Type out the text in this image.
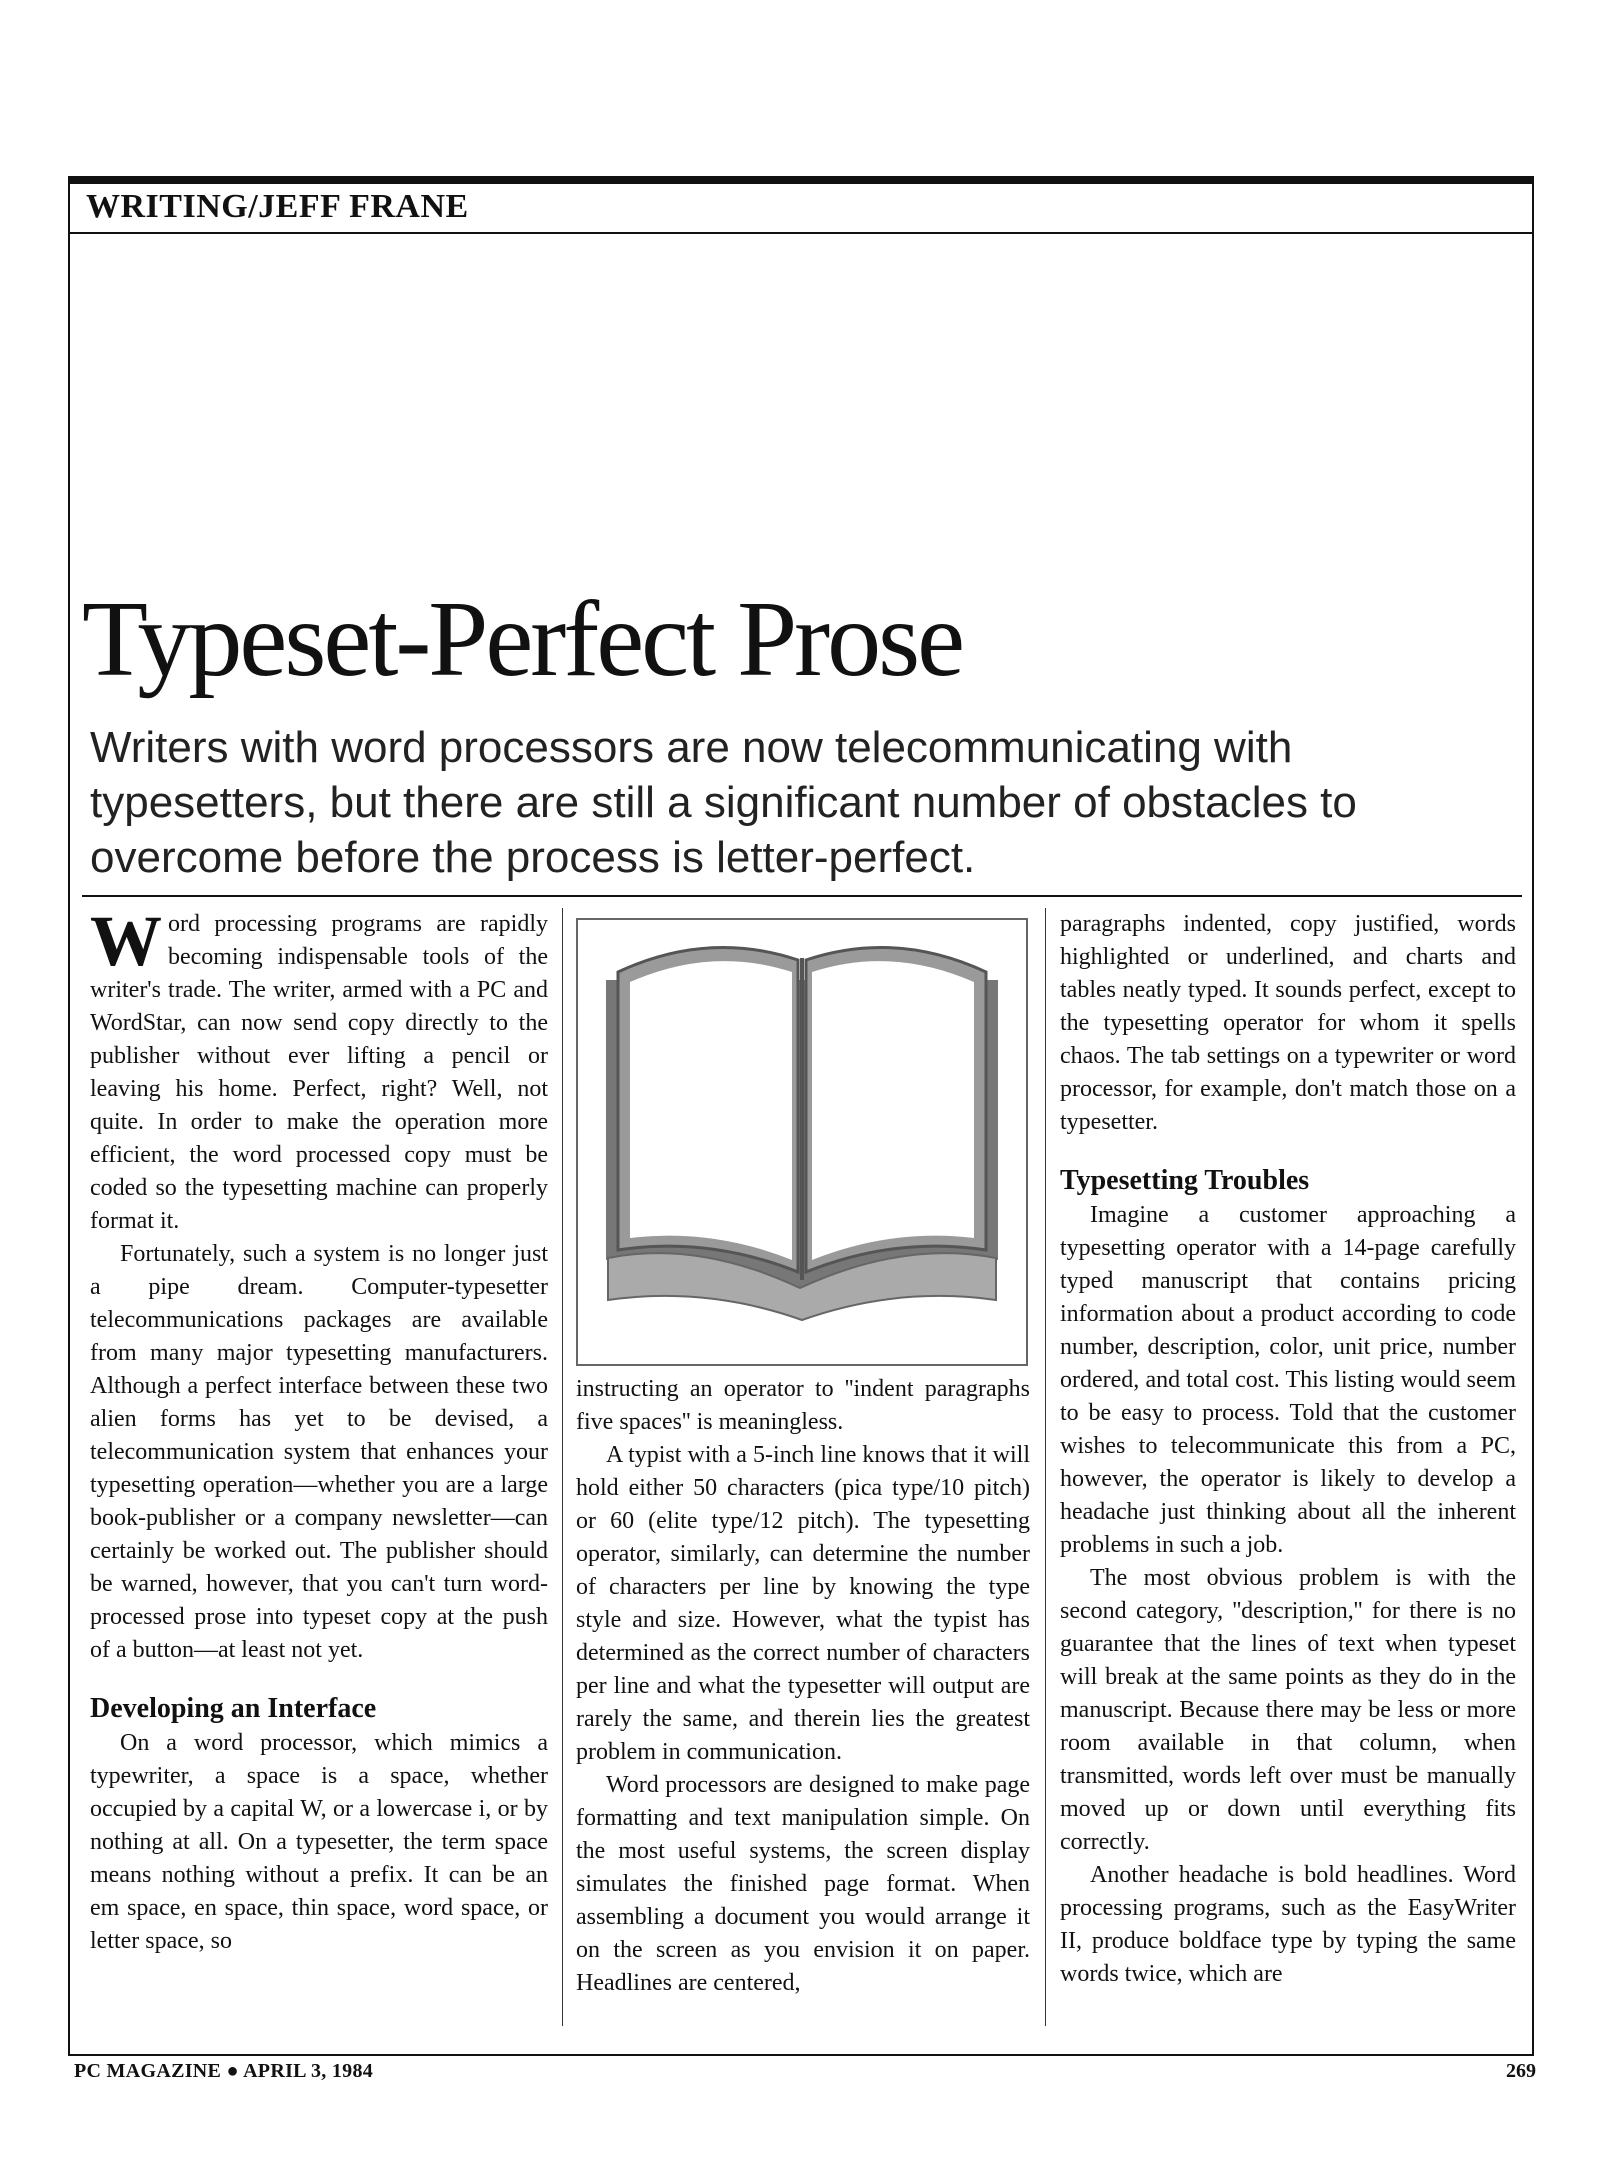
WRITING/JEFF FRANE
Typeset-Perfect Prose

Writers with word processors are now telecommunicating with typesetters, but there are still a significant number of obstacles to overcome before the process is letter-perfect.

Word processing programs are rapidly becoming indispensable tools of the writer's trade. The writer, armed with a PC and WordStar, can now send copy directly to the publisher without ever lifting a pencil or leaving his home. Perfect, right? Well, not quite. In order to make the operation more efficient, the word processed copy must be coded so the typesetting machine can properly format it.

Fortunately, such a system is no longer just a pipe dream. Computer-typesetter telecommunications packages are available from many major typesetting manufacturers. Although a perfect interface between these two alien forms has yet to be devised, a telecommunication system that enhances your typesetting operation—whether you are a large book-publisher or a company newsletter—can certainly be worked out. The publisher should be warned, however, that you can't turn word-processed prose into typeset copy at the push of a button—at least not yet.

Developing an Interface

On a word processor, which mimics a typewriter, a space is a space, whether occupied by a capital W, or a lowercase i, or by nothing at all. On a typesetter, the term space means nothing without a prefix. It can be an em space, en space, thin space, word space, or letter space, so

instructing an operator to ''indent paragraphs five spaces'' is meaningless.

A typist with a 5-inch line knows that it will hold either 50 characters (pica type/10 pitch) or 60 (elite type/12 pitch). The typesetting operator, similarly, can determine the number of characters per line by knowing the type style and size. However, what the typist has determined as the correct number of characters per line and what the typesetter will output are rarely the same, and therein lies the greatest problem in communication.

Word processors are designed to make page formatting and text manipulation simple. On the most useful systems, the screen display simulates the finished page format. When assembling a document you would arrange it on the screen as you envision it on paper. Headlines are centered,

paragraphs indented, copy justified, words highlighted or underlined, and charts and tables neatly typed. It sounds perfect, except to the typesetting operator for whom it spells chaos. The tab settings on a typewriter or word processor, for example, don't match those on a typesetter.

Typesetting Troubles

Imagine a customer approaching a typesetting operator with a 14-page carefully typed manuscript that contains pricing information about a product according to code number, description, color, unit price, number ordered, and total cost. This listing would seem to be easy to process. Told that the customer wishes to telecommunicate this from a PC, however, the operator is likely to develop a headache just thinking about all the inherent problems in such a job.

The most obvious problem is with the second category, ''description,'' for there is no guarantee that the lines of text when typeset will break at the same points as they do in the manuscript. Because there may be less or more room available in that column, when transmitted, words left over must be manually moved up or down until everything fits correctly.

Another headache is bold headlines. Word processing programs, such as the EasyWriter II, produce boldface type by typing the same words twice, which are

PC MAGAZINE ● APRIL 3, 1984	269
